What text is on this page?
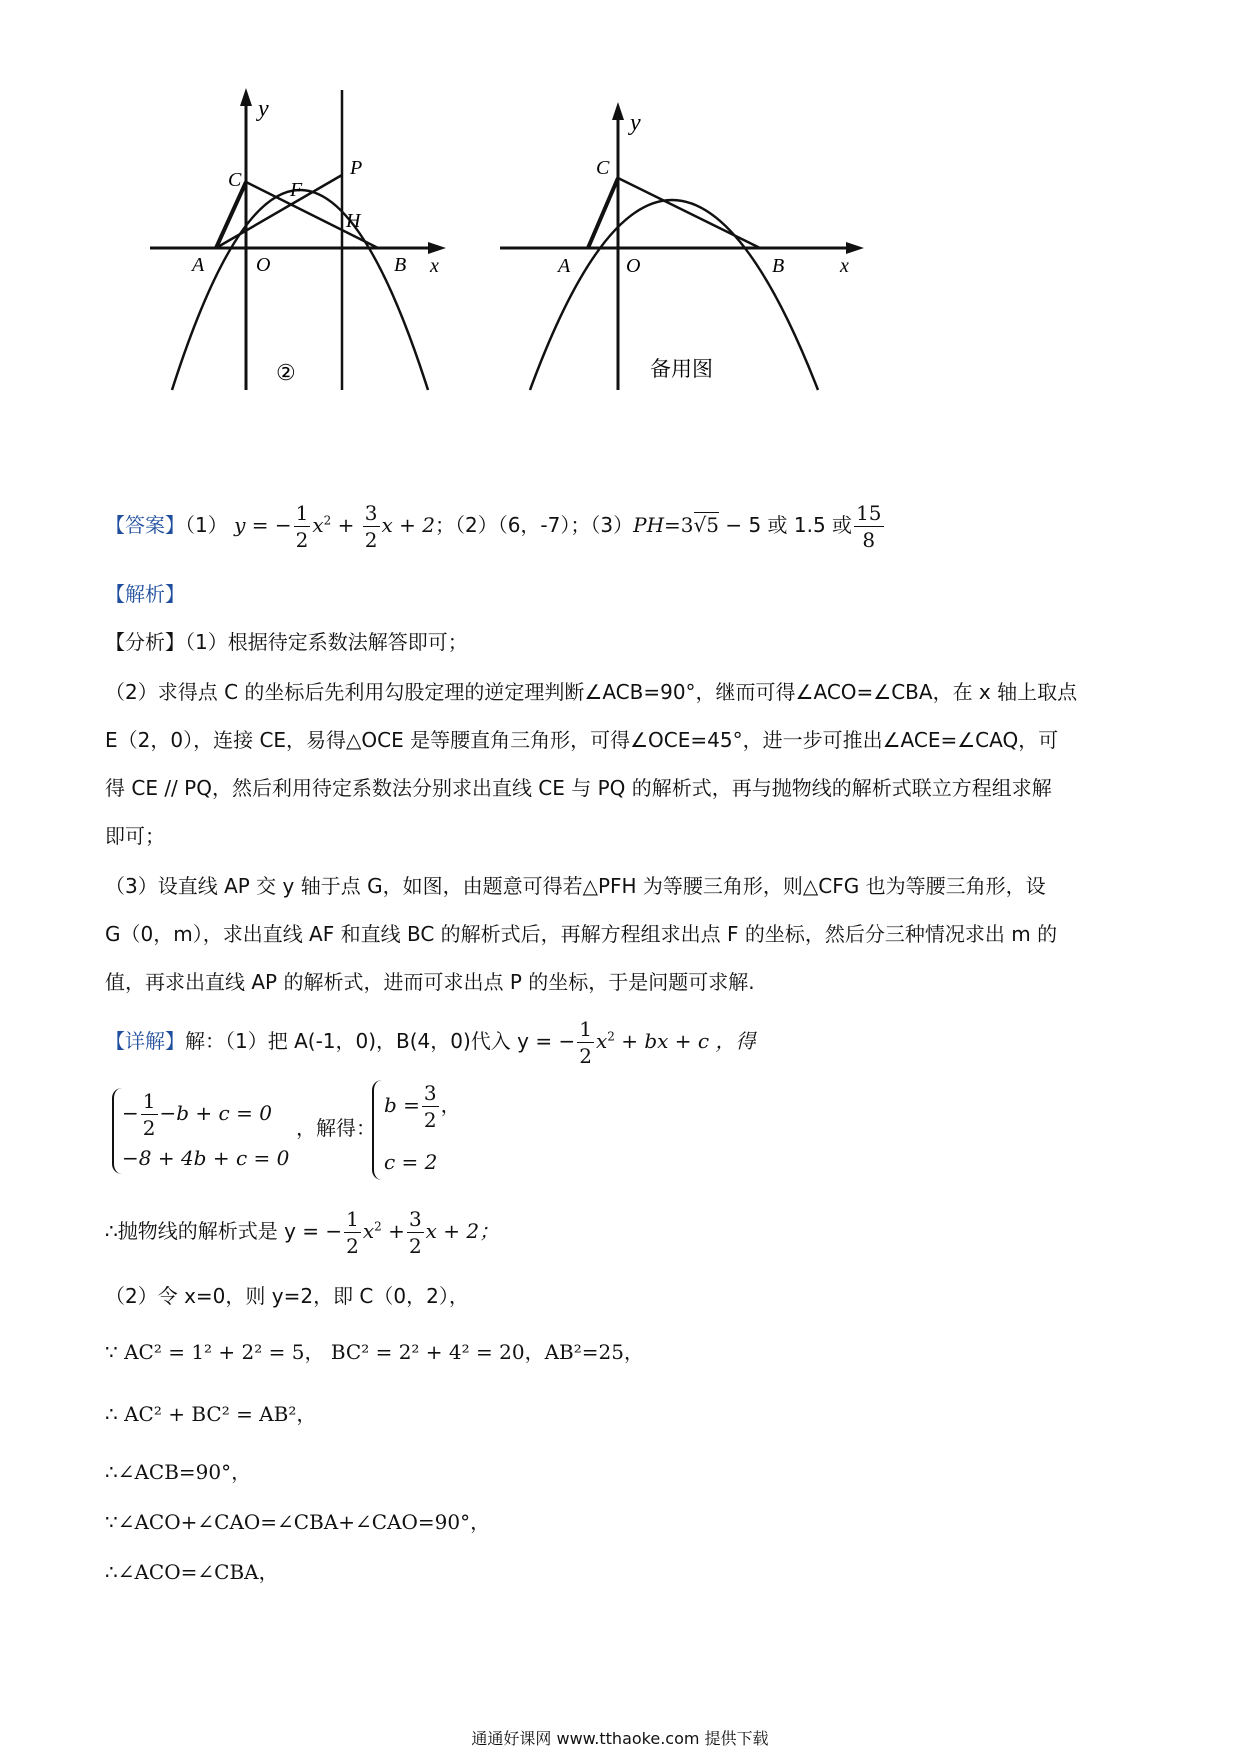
y
x
C
P
F
H
A	O	B
②
y
x
C
A	O	B
备用图
【答案】（1） y = − $\frac{1}{2} x^2 + \frac{3}{2}$ x + 2；（2）（6，-7）；（3）PH=3√5 − 5 或 1.5 或 $\frac{15}{8}$
【解析】
【分析】（1）根据待定系数法解答即可；
（2）求得点 C 的坐标后先利用勾股定理的逆定理判断∠ACB=90°，继而可得∠ACO=∠CBA，在 x 轴上取点
E（2，0），连接 CE，易得△OCE 是等腰直角三角形，可得∠OCE=45°，进一步可推出∠ACE=∠CAQ，可
得 CE // PQ，然后利用待定系数法分别求出直线 CE 与 PQ 的解析式，再与抛物线的解析式联立方程组求解
即可；
（3）设直线 AP 交 y 轴于点 G，如图，由题意可得若△PFH 为等腰三角形，则△CFG 也为等腰三角形，设
G（0，m），求出直线 AF 和直线 BC 的解析式后，再解方程组求出点 F 的坐标，然后分三种情况求出 m 的
值，再求出直线 AP 的解析式，进而可求出点 P 的坐标，于是问题可求解.
【详解】解：（1）把 A(-1，0)，B(4，0)代入 y = − $\frac{1}{2} x^2$ + bx + c ，得
− $\frac{1}{2} -b + c = 0$
−8 + 4b + c = 0
，解得：
$b = \frac{3}{2}$ ，
c = 2
∴抛物线的解析式是 y = − $\frac{1}{2} x^2 + \frac{3}{2}$ x + 2；
（2）令 x=0，则 y=2，即 C（0，2），
∵ AC² = 1² + 2² = 5， BC² = 2² + 4² = 20，AB²=25，
∴ AC² + BC² = AB²，
∴∠ACB=90°，
∵∠ACO+∠CAO=∠CBA+∠CAO=90°，
∴∠ACO=∠CBA，
通通好课网 www.tthaoke.com 提供下载
